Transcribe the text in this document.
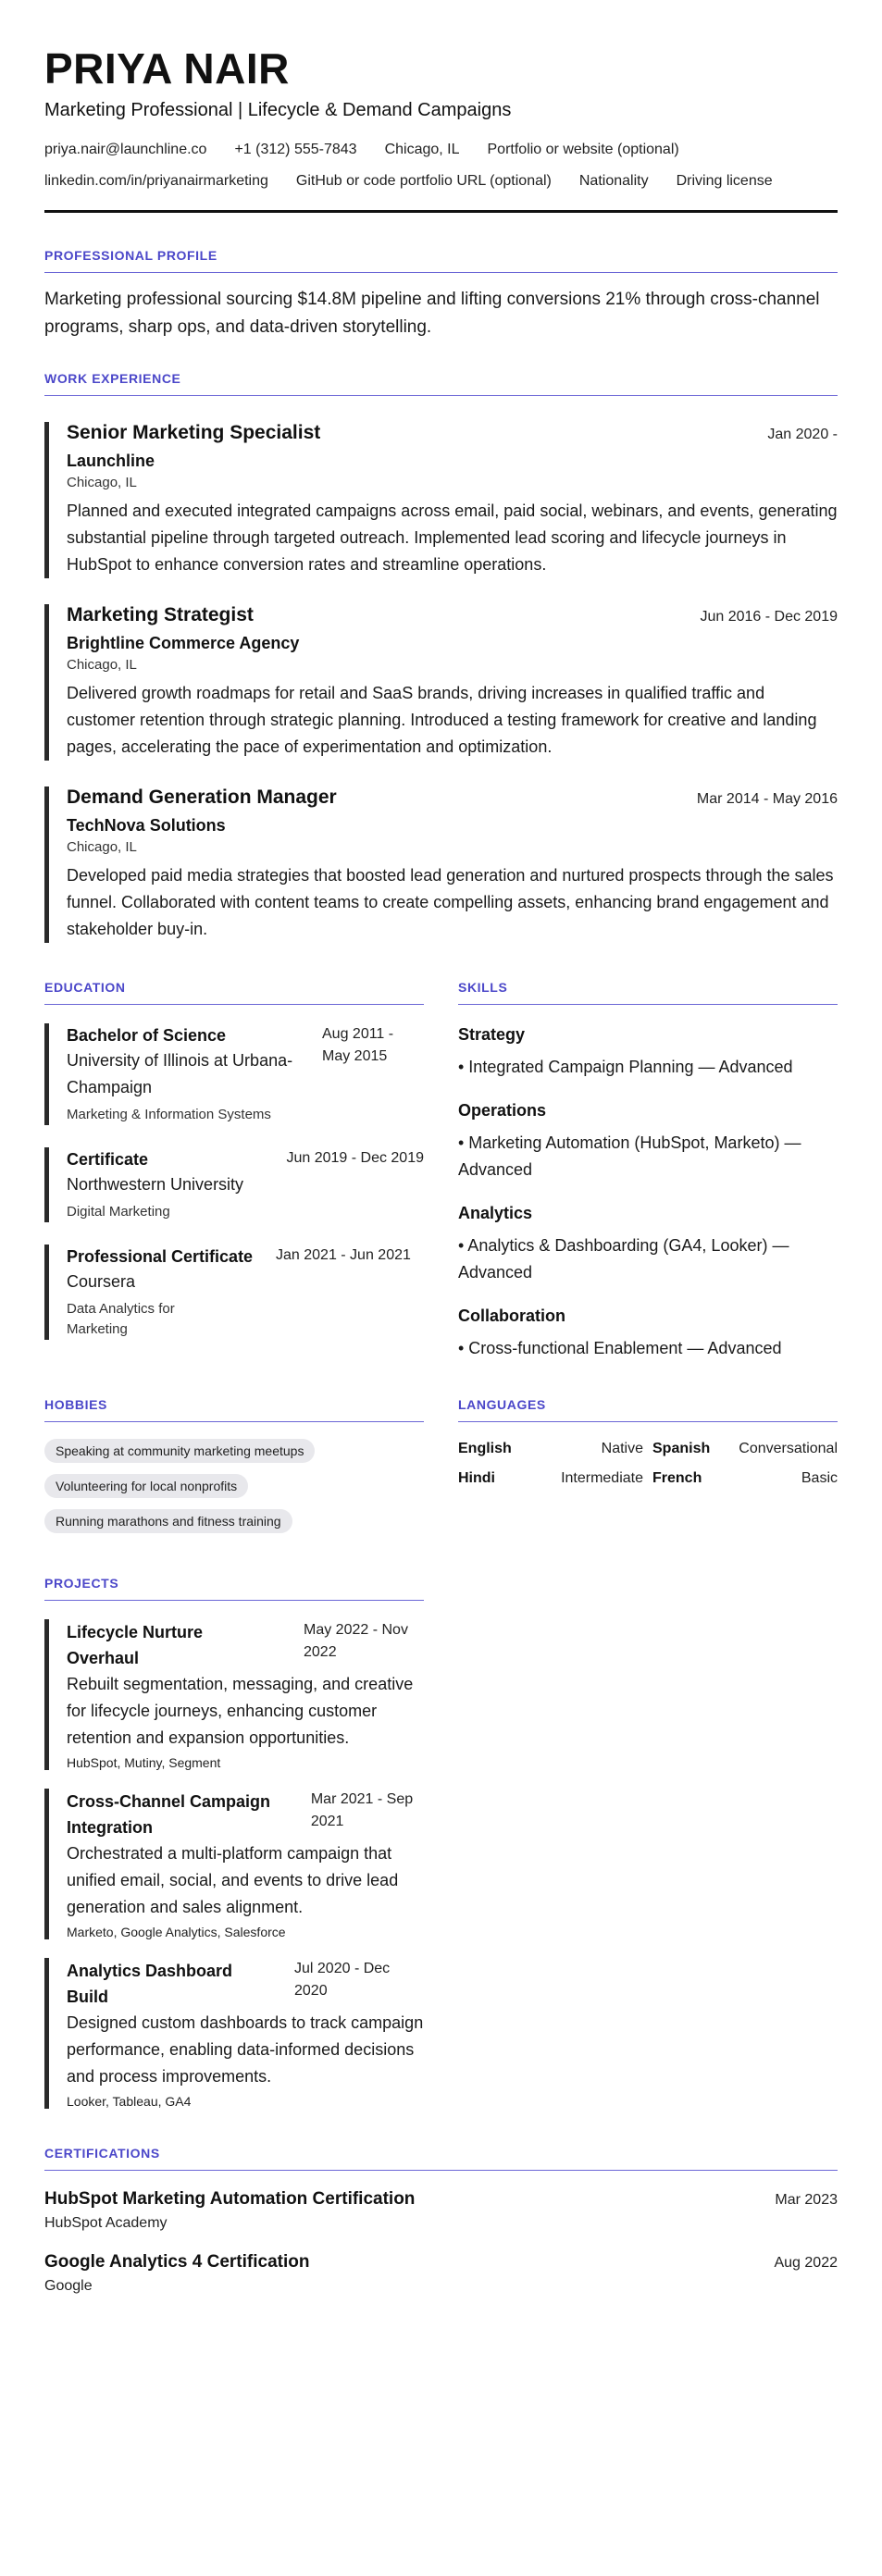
PRIYA NAIR
Marketing Professional | Lifecycle & Demand Campaigns
priya.nair@launchline.co +1 (312) 555-7843 Chicago, IL Portfolio or website (optional)
linkedin.com/in/priyanairmarketing GitHub or code portfolio URL (optional) Nationality Driving license
PROFESSIONAL PROFILE
Marketing professional sourcing $14.8M pipeline and lifting conversions 21% through cross-channel programs, sharp ops, and data-driven storytelling.
WORK EXPERIENCE
Senior Marketing Specialist	Jan 2020 -
Launchline
Chicago, IL
Planned and executed integrated campaigns across email, paid social, webinars, and events, generating substantial pipeline through targeted outreach. Implemented lead scoring and lifecycle journeys in HubSpot to enhance conversion rates and streamline operations.
Marketing Strategist	Jun 2016 - Dec 2019
Brightline Commerce Agency
Chicago, IL
Delivered growth roadmaps for retail and SaaS brands, driving increases in qualified traffic and customer retention through strategic planning. Introduced a testing framework for creative and landing pages, accelerating the pace of experimentation and optimization.
Demand Generation Manager	Mar 2014 - May 2016
TechNova Solutions
Chicago, IL
Developed paid media strategies that boosted lead generation and nurtured prospects through the sales funnel. Collaborated with content teams to create compelling assets, enhancing brand engagement and stakeholder buy-in.
EDUCATION
Bachelor of Science
University of Illinois at Urbana-Champaign
Aug 2011 - May 2015
Marketing & Information Systems
Certificate
Northwestern University
Jun 2019 - Dec 2019
Digital Marketing
Professional Certificate
Coursera
Jan 2021 - Jun 2021
Data Analytics for Marketing
SKILLS
Strategy
• Integrated Campaign Planning — Advanced
Operations
• Marketing Automation (HubSpot, Marketo) — Advanced
Analytics
• Analytics & Dashboarding (GA4, Looker) — Advanced
Collaboration
• Cross-functional Enablement — Advanced
HOBBIES
Speaking at community marketing meetups
Volunteering for local nonprofits
Running marathons and fitness training
LANGUAGES
English	Native Spanish Conversational
Hindi	Intermediate French	Basic
PROJECTS
Lifecycle Nurture Overhaul
May 2022 - Nov 2022
Rebuilt segmentation, messaging, and creative for lifecycle journeys, enhancing customer retention and expansion opportunities.
HubSpot, Mutiny, Segment
Cross-Channel Campaign Integration
Mar 2021 - Sep 2021
Orchestrated a multi-platform campaign that unified email, social, and events to drive lead generation and sales alignment.
Marketo, Google Analytics, Salesforce
Analytics Dashboard Build
Jul 2020 - Dec 2020
Designed custom dashboards to track campaign performance, enabling data-informed decisions and process improvements.
Looker, Tableau, GA4
CERTIFICATIONS
HubSpot Marketing Automation Certification	Mar 2023
HubSpot Academy
Google Analytics 4 Certification	Aug 2022
Google
